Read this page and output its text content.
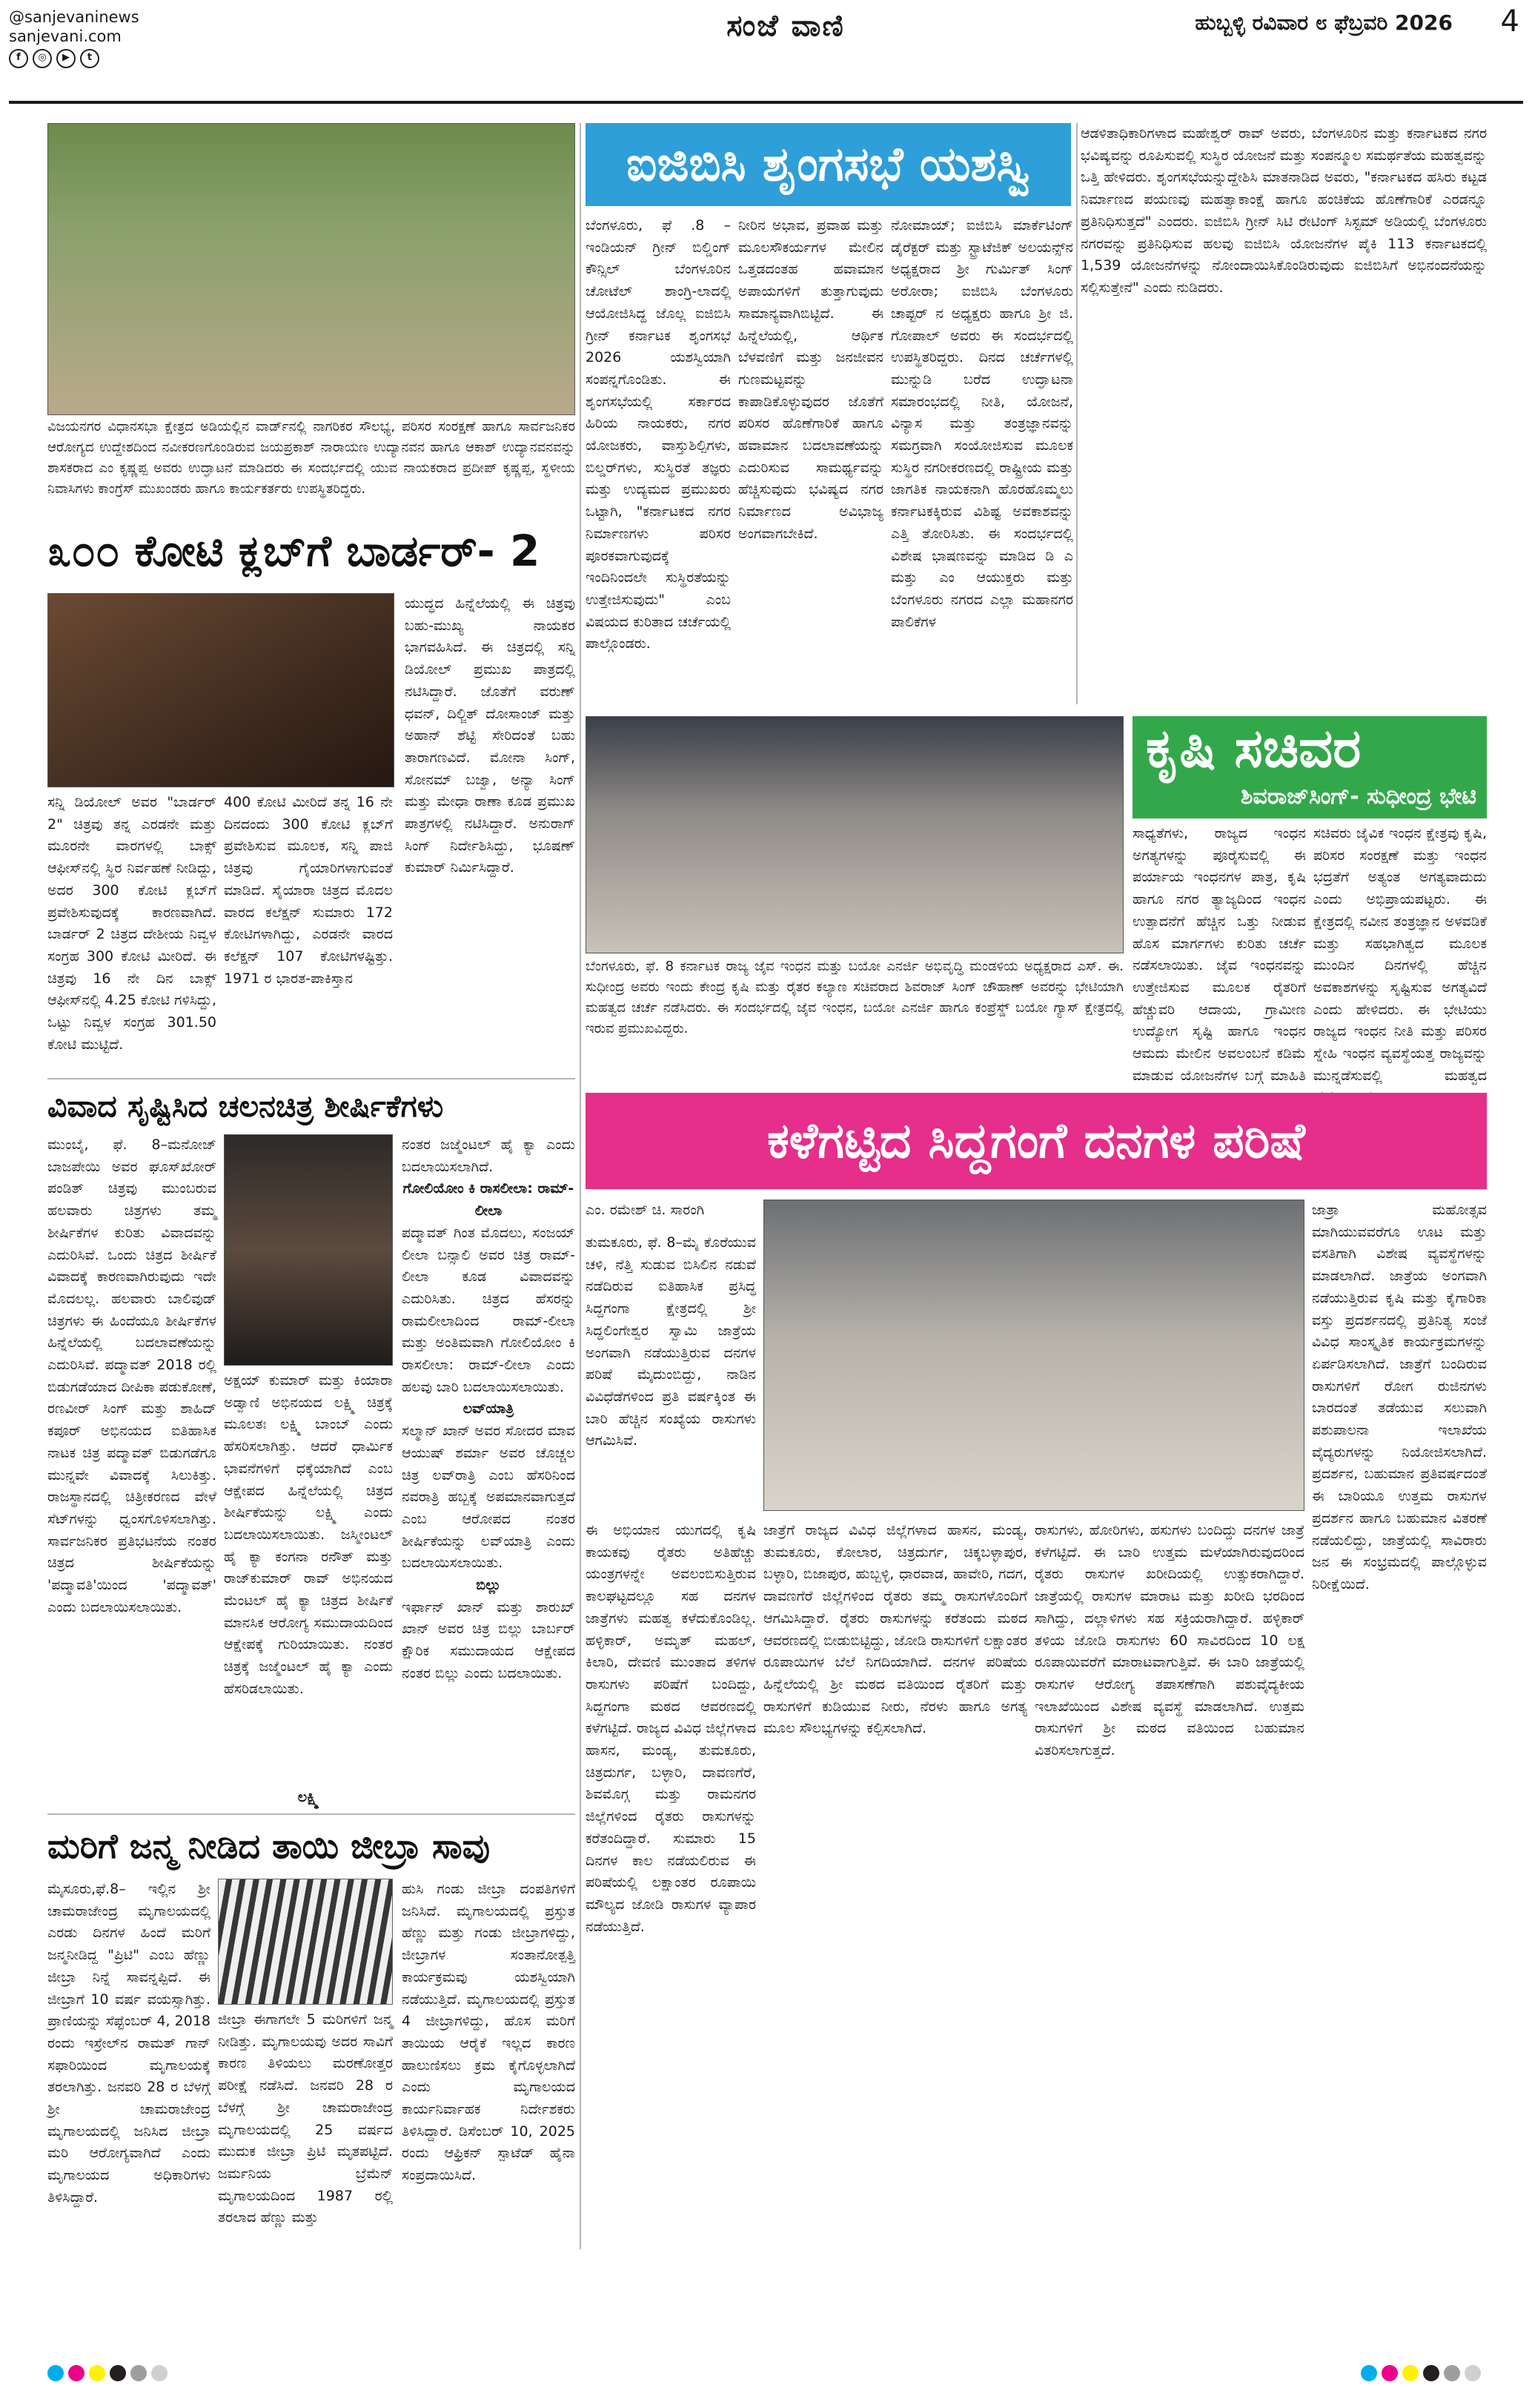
@sanjevaninews
sanjevani.com
f	◎	▶	t
ಸಂಜೆ ವಾಣಿ	ಹುಬ್ಬಳ್ಳಿ ರವಿವಾರ ೮ ಫೆಬ್ರವರಿ 2026	4
ವಿಜಯನಗರ ವಿಧಾನಸಭಾ ಕ್ಷೇತ್ರದ ಅಡಿಯಲ್ಲಿನ ವಾರ್ಡ್‌ನಲ್ಲಿ ನಾಗರಿಕರ ಸೌಲಭ್ಯ, ಪರಿಸರ ಸಂರಕ್ಷಣೆ ಹಾಗೂ ಸಾರ್ವಜನಿಕರ ಆರೋಗ್ಯದ ಉದ್ದೇಶದಿಂದ ನವೀಕರಣಗೊಂಡಿರುವ ಜಯಪ್ರಕಾಶ್ ನಾರಾಯಣ ಉದ್ಯಾನವನ ಹಾಗೂ ಆಕಾಶ್ ಉದ್ಯಾನವನವನ್ನು ಶಾಸಕರಾದ ಎಂ ಕೃಷ್ಣಪ್ಪ ಅವರು ಉದ್ಘಾಟನೆ ಮಾಡಿದರು ಈ ಸಂದರ್ಭದಲ್ಲಿ ಯುವ ನಾಯಕರಾದ ಪ್ರದೀಪ್ ಕೃಷ್ಣಪ್ಪ, ಸ್ಥಳೀಯ ನಿವಾಸಿಗಳು ಕಾಂಗ್ರೆಸ್ ಮುಖಂಡರು ಹಾಗೂ ಕಾರ್ಯಕರ್ತರು ಉಪಸ್ಥಿತರಿದ್ದರು.
ಐಜಿಬಿಸಿ ಶೃಂಗಸಭೆ ಯಶಸ್ವಿ
ಬೆಂಗಳೂರು, ಫೆ .8 – ಇಂಡಿಯನ್ ಗ್ರೀನ್ ಬಿಲ್ಡಿಂಗ್ ಕೌನ್ಸಿಲ್ ಬೆಂಗಳೂರಿನ ಚೋಟೆಲ್ ಶಾಂಗ್ರಿ-ಲಾದಲ್ಲಿ ಆಯೋಜಿಸಿದ್ದ ಜೊಲ್ಲ ಐಜಿಬಿಸಿ ಗ್ರೀನ್ ಕರ್ನಾಟಕ ಶೃಂಗಸಭೆ 2026 ಯಶಸ್ವಿಯಾಗಿ ಸಂಪನ್ನಗೊಂಡಿತು. ಈ ಶೃಂಗಸಭೆಯಲ್ಲಿ ಸರ್ಕಾರದ ಹಿರಿಯ ನಾಯಕರು, ನಗರ ಯೋಜಕರು, ವಾಸ್ತುಶಿಲ್ಪಿಗಳು, ಬಿಲ್ಡರ್‌ಗಳು, ಸುಸ್ಥಿರತೆ ತಜ್ಞರು ಮತ್ತು ಉದ್ಯಮದ ಪ್ರಮುಖರು ಒಟ್ಟಾಗಿ, "ಕರ್ನಾಟಕದ ನಗರ ನಿರ್ಮಾಣಗಳು ಪರಿಸರ ಪೂರಕವಾಗುವುದಕ್ಕೆ ಇಂದಿನಿಂದಲೇ ಸುಸ್ಥಿರತೆಯನ್ನು ಉತ್ತೇಜಿಸುವುದು" ಎಂಬ ವಿಷಯದ ಕುರಿತಾದ ಚರ್ಚೆಯಲ್ಲಿ ಪಾಲ್ಗೊಂಡರು.
ನೀರಿನ ಅಭಾವ, ಪ್ರವಾಹ ಮತ್ತು ಮೂಲಸೌಕರ್ಯಗಳ ಮೇಲಿನ ಒತ್ತಡದಂತಹ ಹವಾಮಾನ ಅಪಾಯಗಳಿಗೆ ತುತ್ತಾಗುವುದು ಸಾಮಾನ್ಯವಾಗಿಬಿಟ್ಟಿದೆ. ಈ ಹಿನ್ನೆಲೆಯಲ್ಲಿ, ಆರ್ಥಿಕ ಬೆಳವಣಿಗೆ ಮತ್ತು ಜನಜೀವನ ಗುಣಮಟ್ಟವನ್ನು ಕಾಪಾಡಿಕೊಳ್ಳುವುದರ ಜೊತೆಗೆ ಪರಿಸರ ಹೊಣೆಗಾರಿಕೆ ಹಾಗೂ ಹವಾಮಾನ ಬದಲಾವಣೆಯನ್ನು ಎದುರಿಸುವ ಸಾಮರ್ಥ್ಯವನ್ನು ಹೆಚ್ಚಿಸುವುದು ಭವಿಷ್ಯದ ನಗರ ನಿರ್ಮಾಣದ ಅವಿಭಾಜ್ಯ ಅಂಗವಾಗಬೇಕಿದೆ.
ನೋಮಾಯ್; ಐಜಿಬಿಸಿ ಮಾರ್ಕೆಟಿಂಗ್ ಡೈರೆಕ್ಟರ್ ಮತ್ತು ಸ್ಟ್ರಾಟೆಜಿಕ್ ಅಲಯನ್ಸ್‌ನ ಅಧ್ಯಕ್ಷರಾದ ಶ್ರೀ ಗುರ್ಮಿತ್ ಸಿಂಗ್ ಅರೋರಾ; ಐಜಿಬಿಸಿ ಬೆಂಗಳೂರು ಚಾಪ್ಟರ್ ನ ಅಧ್ಯಕ್ಷರು ಹಾಗೂ ಶ್ರೀ ಜಿ. ಗೋಪಾಲ್ ಅವರು ಈ ಸಂದರ್ಭದಲ್ಲಿ ಉಪಸ್ಥಿತರಿದ್ದರು. ದಿನದ ಚರ್ಚೆಗಳಲ್ಲಿ ಮುನ್ನುಡಿ ಬರೆದ ಉದ್ಘಾಟನಾ ಸಮಾರಂಭದಲ್ಲಿ ನೀತಿ, ಯೋಜನೆ, ವಿನ್ಯಾಸ ಮತ್ತು ತಂತ್ರಜ್ಞಾನವನ್ನು ಸಮಗ್ರವಾಗಿ ಸಂಯೋಜಿಸುವ ಮೂಲಕ ಸುಸ್ಥಿರ ನಗರೀಕರಣದಲ್ಲಿ ರಾಷ್ಟ್ರೀಯ ಮತ್ತು ಜಾಗತಿಕ ನಾಯಕನಾಗಿ ಹೊರಹೊಮ್ಮಲು ಕರ್ನಾಟಕಕ್ಕಿರುವ ವಿಶಿಷ್ಟ ಅವಕಾಶವನ್ನು ಎತ್ತಿ ತೋರಿಸಿತು. ಈ ಸಂದರ್ಭದಲ್ಲಿ ವಿಶೇಷ ಭಾಷಣವನ್ನು ಮಾಡಿದ ಡಿ ಎ ಮತ್ತು ಎಂ ಆಯುಕ್ತರು ಮತ್ತು ಬೆಂಗಳೂರು ನಗರದ ಎಲ್ಲಾ ಮಹಾನಗರ ಪಾಲಿಕೆಗಳ
ಆಡಳಿತಾಧಿಕಾರಿಗಳಾದ ಮಹೇಶ್ವರ್ ರಾವ್ ಅವರು, ಬೆಂಗಳೂರಿನ ಮತ್ತು ಕರ್ನಾಟಕದ ನಗರ ಭವಿಷ್ಯವನ್ನು ರೂಪಿಸುವಲ್ಲಿ ಸುಸ್ಥಿರ ಯೋಜನೆ ಮತ್ತು ಸಂಪನ್ಮೂಲ ಸಮರ್ಥತೆಯ ಮಹತ್ವವನ್ನು ಒತ್ತಿ ಹೇಳಿದರು. ಶೃಂಗಸಭೆಯನ್ನುದ್ದೇಶಿಸಿ ಮಾತನಾಡಿದ ಅವರು, "ಕರ್ನಾಟಕದ ಹಸಿರು ಕಟ್ಟಡ ನಿರ್ಮಾಣದ ಪಯಣವು ಮಹತ್ವಾಕಾಂಕ್ಷೆ ಹಾಗೂ ಹಂಚಿಕೆಯ ಹೊಣೆಗಾರಿಕೆ ಎರಡನ್ನೂ ಪ್ರತಿನಿಧಿಸುತ್ತದೆ" ಎಂದರು. ಐಜಿಬಿಸಿ ಗ್ರೀನ್ ಸಿಟಿ ರೇಟಿಂಗ್ ಸಿಸ್ಟಮ್ ಅಡಿಯಲ್ಲಿ ಬೆಂಗಳೂರು ನಗರವನ್ನು ಪ್ರತಿನಿಧಿಸುವ ಹಲವು ಐಜಿಬಿಸಿ ಯೋಜನೆಗಳ ಪೈಕಿ 113 ಕರ್ನಾಟಕದಲ್ಲಿ 1,539 ಯೋಜನೆಗಳನ್ನು ನೋಂದಾಯಿಸಿಕೊಂಡಿರುವುದು ಐಜಿಬಿಸಿಗೆ ಅಭಿನಂದನೆಯನ್ನು ಸಲ್ಲಿಸುತ್ತೇನೆ" ಎಂದು ನುಡಿದರು.
೩೦೦ ಕೋಟಿ ಕ್ಲಬ್‌ಗೆ ಬಾರ್ಡರ್- 2
ಸನ್ನಿ ಡಿಯೋಲ್ ಅವರ "ಬಾರ್ಡರ್ 2" ಚಿತ್ರವು ತನ್ನ ಎರಡನೇ ಮತ್ತು ಮೂರನೇ ವಾರಗಳಲ್ಲಿ ಬಾಕ್ಸ್ ಆಫೀಸ್‌ನಲ್ಲಿ ಸ್ಥಿರ ನಿರ್ವಹಣೆ ನೀಡಿದ್ದು, ಅದರ 300 ಕೋಟಿ ಕ್ಲಬ್‌ಗೆ ಪ್ರವೇಶಿಸುವುದಕ್ಕೆ ಕಾರಣವಾಗಿದೆ. ಬಾರ್ಡರ್ 2 ಚಿತ್ರದ ದೇಶೀಯ ನಿವ್ವಳ ಸಂಗ್ರಹ 300 ಕೋಟಿ ಮೀರಿದೆ. ಈ ಚಿತ್ರವು 16 ನೇ ದಿನ ಬಾಕ್ಸ್ ಆಫೀಸ್‌ನಲ್ಲಿ 4.25 ಕೋಟಿ ಗಳಿಸಿದ್ದು, ಒಟ್ಟು ನಿವ್ವಳ ಸಂಗ್ರಹ 301.50 ಕೋಟಿ ಮುಟ್ಟಿದೆ.
400 ಕೋಟಿ ಮೀರಿದೆ ತನ್ನ 16 ನೇ ದಿನದಂದು 300 ಕೋಟಿ ಕ್ಲಬ್‌ಗೆ ಪ್ರವೇಶಿಸುವ ಮೂಲಕ, ಸನ್ನಿ ಪಾಜಿ ಚಿತ್ರವು ಗೈಯಾರಿಗಳಾಗುವಂತೆ ಮಾಡಿದೆ. ಸೈಯಾರಾ ಚಿತ್ರದ ಮೊದಲ ವಾರದ ಕಲೆಕ್ಷನ್ ಸುಮಾರು 172 ಕೋಟಿಗಳಾಗಿದ್ದು, ಎರಡನೇ ವಾರದ ಕಲೆಕ್ಷನ್ 107 ಕೋಟಿಗಳಷ್ಟಿತ್ತು. 1971 ರ ಭಾರತ-ಪಾಕಿಸ್ತಾನ
ಯುದ್ಧದ ಹಿನ್ನೆಲೆಯಲ್ಲಿ ಈ ಚಿತ್ರವು ಬಹು-ಮುಖ್ಯ ನಾಯಕರ ಭಾಗವಹಿಸಿದೆ. ಈ ಚಿತ್ರದಲ್ಲಿ ಸನ್ನಿ ಡಿಯೋಲ್ ಪ್ರಮುಖ ಪಾತ್ರದಲ್ಲಿ ನಟಿಸಿದ್ದಾರೆ. ಜೊತೆಗೆ ವರುಣ್ ಧವನ್, ದಿಲ್ಜಿತ್ ದೋಸಾಂಜ್ ಮತ್ತು ಅಹಾನ್ ಶೆಟ್ಟಿ ಸೇರಿದಂತೆ ಬಹು ತಾರಾಗಣವಿದೆ. ಮೋನಾ ಸಿಂಗ್, ಸೋನಮ್ ಬಜ್ವಾ, ಅನ್ಯಾ ಸಿಂಗ್ ಮತ್ತು ಮೇಧಾ ರಾಣಾ ಕೂಡ ಪ್ರಮುಖ ಪಾತ್ರಗಳಲ್ಲಿ ನಟಿಸಿದ್ದಾರೆ. ಅನುರಾಗ್ ಸಿಂಗ್ ನಿರ್ದೇಶಿಸಿದ್ದು, ಭೂಷಣ್ ಕುಮಾರ್ ನಿರ್ಮಿಸಿದ್ದಾರೆ.
ವಿವಾದ ಸೃಷ್ಟಿಸಿದ ಚಲನಚಿತ್ರ ಶೀರ್ಷಿಕೆಗಳು
ಮುಂಬೈ, ಫೆ. 8–ಮನೋಜ್ ಬಾಜಪೇಯಿ ಅವರ ಘೂಸ್‌ಖೋರ್ ಪಂಡಿತ್ ಚಿತ್ರವು ಮುಂಬರುವ ಹಲವಾರು ಚಿತ್ರಗಳು ತಮ್ಮ ಶೀರ್ಷಿಕೆಗಳ ಕುರಿತು ವಿವಾದವನ್ನು ಎದುರಿಸಿವೆ. ಒಂದು ಚಿತ್ರದ ಶೀರ್ಷಿಕೆ ವಿವಾದಕ್ಕೆ ಕಾರಣವಾಗಿರುವುದು ಇದೇ ಮೊದಲಲ್ಲ. ಹಲವಾರು ಬಾಲಿವುಡ್ ಚಿತ್ರಗಳು ಈ ಹಿಂದೆಯೂ ಶೀರ್ಷಿಕೆಗಳ ಹಿನ್ನೆಲೆಯಲ್ಲಿ ಬದಲಾವಣೆಯನ್ನು ಎದುರಿಸಿವೆ. ಪದ್ಮಾವತ್ 2018 ರಲ್ಲಿ ಬಿಡುಗಡೆಯಾದ ದೀಪಿಕಾ ಪಡುಕೋಣೆ, ರಣವೀರ್ ಸಿಂಗ್ ಮತ್ತು ಶಾಹಿದ್ ಕಪೂರ್ ಅಭಿನಯದ ಐತಿಹಾಸಿಕ ನಾಟಕ ಚಿತ್ರ ಪದ್ಮಾವತ್ ಬಿಡುಗಡೆಗೂ ಮುನ್ನವೇ ವಿವಾದಕ್ಕೆ ಸಿಲುಕಿತ್ತು. ರಾಜಸ್ಥಾನದಲ್ಲಿ ಚಿತ್ರೀಕರಣದ ವೇಳೆ ಸೆಟ್‌ಗಳನ್ನು ಧ್ವಂಸಗೊಳಿಸಲಾಗಿತ್ತು. ಸಾರ್ವಜನಿಕರ ಪ್ರತಿಭಟನೆಯ ನಂತರ ಚಿತ್ರದ ಶೀರ್ಷಿಕೆಯನ್ನು 'ಪದ್ಮಾವತಿ'ಯಿಂದ 'ಪದ್ಮಾವತ್' ಎಂದು ಬದಲಾಯಿಸಲಾಯಿತು.
ಅಕ್ಷಯ್ ಕುಮಾರ್ ಮತ್ತು ಕಿಯಾರಾ ಅಡ್ವಾಣಿ ಅಭಿನಯದ ಲಕ್ಷ್ಮಿ ಚಿತ್ರಕ್ಕೆ ಮೂಲತಃ ಲಕ್ಷ್ಮಿ ಬಾಂಬ್ ಎಂದು ಹೆಸರಿಸಲಾಗಿತ್ತು. ಆದರೆ ಧಾರ್ಮಿಕ ಭಾವನೆಗಳಿಗೆ ಧಕ್ಕೆಯಾಗಿದೆ ಎಂಬ ಆಕ್ಷೇಪದ ಹಿನ್ನೆಲೆಯಲ್ಲಿ ಚಿತ್ರದ ಶೀರ್ಷಿಕೆಯನ್ನು ಲಕ್ಷ್ಮಿ ಎಂದು ಬದಲಾಯಿಸಲಾಯಿತು. ಜಸ್ಮೀಂಟಲ್ ಹೈ ಕ್ಯಾ ಕಂಗನಾ ರನೌತ್ ಮತ್ತು ರಾಜ್‌ಕುಮಾರ್ ರಾವ್ ಅಭಿನಯದ ಮೆಂಟಲ್ ಹೈ ಕ್ಯಾ ಚಿತ್ರದ ಶೀರ್ಷಿಕೆ ಮಾನಸಿಕ ಆರೋಗ್ಯ ಸಮುದಾಯದಿಂದ ಆಕ್ಷೇಪಕ್ಕೆ ಗುರಿಯಾಯಿತು. ನಂತರ ಚಿತ್ರಕ್ಕೆ ಜಜ್ಮೆಂಟಲ್ ಹೈ ಕ್ಯಾ ಎಂದು ಹೆಸರಿಡಲಾಯಿತು.
ಲಕ್ಷ್ಮಿ
ನಂತರ ಜಜ್ಮೆಂಟಲ್ ಹೈ ಕ್ಯಾ ಎಂದು ಬದಲಾಯಿಸಲಾಗಿದೆ.
ಗೋಲಿಯೋಂ ಕಿ ರಾಸಲೀಲಾ: ರಾಮ್-ಲೀಲಾ
ಪದ್ಮಾವತ್ ಗಿಂತ ಮೊದಲು, ಸಂಜಯ್ ಲೀಲಾ ಬನ್ಸಾಲಿ ಅವರ ಚಿತ್ರ ರಾಮ್-ಲೀಲಾ ಕೂಡ ವಿವಾದವನ್ನು ಎದುರಿಸಿತು. ಚಿತ್ರದ ಹೆಸರನ್ನು ರಾಮಲೀಲಾದಿಂದ ರಾಮ್-ಲೀಲಾ ಮತ್ತು ಅಂತಿಮವಾಗಿ ಗೋಲಿಯೋಂ ಕಿ ರಾಸಲೀಲಾ: ರಾಮ್-ಲೀಲಾ ಎಂದು ಹಲವು ಬಾರಿ ಬದಲಾಯಿಸಲಾಯಿತು.
ಲವ್‌ಯಾತ್ರಿ
ಸಲ್ಮಾನ್ ಖಾನ್ ಅವರ ಸೋದರ ಮಾವ ಆಯುಷ್ ಶರ್ಮಾ ಅವರ ಚೊಚ್ಚಲ ಚಿತ್ರ ಲವ್‌ರಾತ್ರಿ ಎಂಬ ಹೆಸರಿನಿಂದ ನವರಾತ್ರಿ ಹಬ್ಬಕ್ಕೆ ಅಪಮಾನವಾಗುತ್ತದೆ ಎಂಬ ಆರೋಪದ ನಂತರ ಶೀರ್ಷಿಕೆಯನ್ನು ಲವ್‌ಯಾತ್ರಿ ಎಂದು ಬದಲಾಯಿಸಲಾಯಿತು.
ಬಿಲ್ಲು
ಇರ್ಫಾನ್ ಖಾನ್ ಮತ್ತು ಶಾರುಖ್ ಖಾನ್ ಅವರ ಚಿತ್ರ ಬಿಲ್ಲು ಬಾರ್ಬರ್ ಕ್ಷೌರಿಕ ಸಮುದಾಯದ ಆಕ್ಷೇಪದ ನಂತರ ಬಿಲ್ಲು ಎಂದು ಬದಲಾಯಿತು.
ಮರಿಗೆ ಜನ್ಮ ನೀಡಿದ ತಾಯಿ ಜೀಬ್ರಾ ಸಾವು
ಮೈಸೂರು,ಫೆ.8– ಇಲ್ಲಿನ ಶ್ರೀ ಚಾಮರಾಜೇಂದ್ರ ಮೃಗಾಲಯದಲ್ಲಿ ಎರಡು ದಿನಗಳ ಹಿಂದೆ ಮರಿಗೆ ಜನ್ಮನೀಡಿದ್ದ "ಪ್ರಿಟಿ" ಎಂಬ ಹೆಣ್ಣು ಜೀಬ್ರಾ ನಿನ್ನೆ ಸಾವನ್ನಪ್ಪಿದೆ. ಈ ಜೀಬ್ರಾಗೆ 10 ವರ್ಷ ವಯಸ್ಸಾಗಿತ್ತು. ಪ್ರಾಣಿಯನ್ನು ಸೆಪ್ಟೆಂಬರ್ 4, 2018 ರಂದು ಇಸ್ರೇಲ್‌ನ ರಾಮತ್ ಗಾನ್ ಸಫಾರಿಯಿಂದ ಮೃಗಾಲಯಕ್ಕೆ ತರಲಾಗಿತ್ತು. ಜನವರಿ 28 ರ ಬೆಳಗ್ಗೆ ಶ್ರೀ ಚಾಮರಾಜೇಂದ್ರ ಮೃಗಾಲಯದಲ್ಲಿ ಜನಿಸಿದ ಜೀಬ್ರಾ ಮರಿ ಆರೋಗ್ಯವಾಗಿದೆ ಎಂದು ಮೃಗಾಲಯದ ಅಧಿಕಾರಿಗಳು ತಿಳಿಸಿದ್ದಾರೆ.
ಜೀಬ್ರಾ ಈಗಾಗಲೇ 5 ಮರಿಗಳಿಗೆ ಜನ್ಮ ನೀಡಿತ್ತು. ಮೃಗಾಲಯವು ಅದರ ಸಾವಿಗೆ ಕಾರಣ ತಿಳಿಯಲು ಮರಣೋತ್ತರ ಪರೀಕ್ಷೆ ನಡೆಸಿದೆ. ಜನವರಿ 28 ರ ಬೆಳಗ್ಗೆ ಶ್ರೀ ಚಾಮರಾಜೇಂದ್ರ ಮೃಗಾಲಯದಲ್ಲಿ 25 ವರ್ಷದ ಮುದುಕ ಜೀಬ್ರಾ ಪ್ರಿಟಿ ಮೃತಪಟ್ಟಿದೆ. ಜರ್ಮನಿಯ ಬ್ರೆಮೆನ್ ಮೃಗಾಲಯದಿಂದ 1987 ರಲ್ಲಿ ತರಲಾದ ಹೆಣ್ಣು ಮತ್ತು
ಹುಸಿ ಗಂಡು ಜೀಬ್ರಾ ದಂಪತಿಗಳಿಗೆ ಜನಿಸಿದೆ. ಮೃಗಾಲಯದಲ್ಲಿ ಪ್ರಸ್ತುತ ಹೆಣ್ಣು ಮತ್ತು ಗಂಡು ಜೀಬ್ರಾಗಳಿದ್ದು, ಜೀಬ್ರಾಗಳ ಸಂತಾನೋತ್ಪತ್ತಿ ಕಾರ್ಯಕ್ರಮವು ಯಶಸ್ವಿಯಾಗಿ ನಡೆಯುತ್ತಿದೆ. ಮೃಗಾಲಯದಲ್ಲಿ ಪ್ರಸ್ತುತ 4 ಜೀಬ್ರಾಗಳಿದ್ದು, ಹೊಸ ಮರಿಗೆ ತಾಯಿಯ ಆರೈಕೆ ಇಲ್ಲದ ಕಾರಣ ಹಾಲುಣಿಸಲು ಕ್ರಮ ಕೈಗೊಳ್ಳಲಾಗಿದೆ ಎಂದು ಮೃಗಾಲಯದ ಕಾರ್ಯನಿರ್ವಾಹಕ ನಿರ್ದೇಶಕರು ತಿಳಿಸಿದ್ದಾರೆ. ಡಿಸೆಂಬರ್ 10, 2025 ರಂದು ಆಫ್ರಿಕನ್ ಸ್ಪಾಟೆಡ್ ಹೈನಾ ಸಂಪ್ರದಾಯಿಸಿದೆ.
ಬೆಂಗಳೂರು, ಫೆ. 8 ಕರ್ನಾಟಕ ರಾಜ್ಯ ಜೈವ ಇಂಧನ ಮತ್ತು ಬಯೋ ಎನರ್ಜಿ ಅಭಿವೃದ್ಧಿ ಮಂಡಳಿಯ ಅಧ್ಯಕ್ಷರಾದ ಎಸ್. ಈ. ಸುಧೀಂದ್ರ ಅವರು ಇಂದು ಕೇಂದ್ರ ಕೃಷಿ ಮತ್ತು ರೈತರ ಕಲ್ಯಾಣ ಸಚಿವರಾದ ಶಿವರಾಜ್ ಸಿಂಗ್ ಚೌಹಾಣ್ ಅವರನ್ನು ಭೇಟಿಯಾಗಿ ಮಹತ್ವದ ಚರ್ಚೆ ನಡೆಸಿದರು. ಈ ಸಂದರ್ಭದಲ್ಲಿ ಜೈವ ಇಂಧನ, ಬಯೋ ಎನರ್ಜಿ ಹಾಗೂ ಕಂಪ್ರೆಸ್ಡ್ ಬಯೋ ಗ್ಯಾಸ್ ಕ್ಷೇತ್ರದಲ್ಲಿ ಇರುವ ಪ್ರಮುಖವಿದ್ದರು.
ಕೃಷಿ ಸಚಿವರ
ಶಿವರಾಜ್‌ಸಿಂಗ್- ಸುಧೀಂದ್ರ ಭೇಟಿ
ಸಾಧ್ಯತೆಗಳು, ರಾಜ್ಯದ ಇಂಧನ ಅಗತ್ಯಗಳನ್ನು ಪೂರೈಸುವಲ್ಲಿ ಈ ಪರ್ಯಾಯ ಇಂಧನಗಳ ಪಾತ್ರ, ಕೃಷಿ ಹಾಗೂ ನಗರ ತ್ಯಾಜ್ಯದಿಂದ ಇಂಧನ ಉತ್ಪಾದನೆಗೆ ಹೆಚ್ಚಿನ ಒತ್ತು ನೀಡುವ ಹೊಸ ಮಾರ್ಗಗಳು ಕುರಿತು ಚರ್ಚೆ ನಡೆಸಲಾಯಿತು. ಜೈವ ಇಂಧನವನ್ನು ಉತ್ತೇಜಿಸುವ ಮೂಲಕ ರೈತರಿಗೆ ಹೆಚ್ಚುವರಿ ಆದಾಯ, ಗ್ರಾಮೀಣ ಉದ್ಯೋಗ ಸೃಷ್ಟಿ ಹಾಗೂ ಇಂಧನ ಆಮದು ಮೇಲಿನ ಅವಲಂಬನೆ ಕಡಿಮೆ ಮಾಡುವ ಯೋಜನೆಗಳ ಬಗ್ಗೆ ಮಾಹಿತಿ
ಸಚಿವರು ಜೈವಿಕ ಇಂಧನ ಕ್ಷೇತ್ರವು ಕೃಷಿ, ಪರಿಸರ ಸಂರಕ್ಷಣೆ ಮತ್ತು ಇಂಧನ ಭದ್ರತೆಗೆ ಅತ್ಯಂತ ಅಗತ್ಯವಾದುದು ಎಂದು ಅಭಿಪ್ರಾಯಪಟ್ಟರು. ಈ ಕ್ಷೇತ್ರದಲ್ಲಿ ನವೀನ ತಂತ್ರಜ್ಞಾನ ಅಳವಡಿಕೆ ಮತ್ತು ಸಹಭಾಗಿತ್ವದ ಮೂಲಕ ಮುಂದಿನ ದಿನಗಳಲ್ಲಿ ಹೆಚ್ಚಿನ ಅವಕಾಶಗಳನ್ನು ಸೃಷ್ಟಿಸುವ ಅಗತ್ಯವಿದೆ ಎಂದು ಹೇಳಿದರು. ಈ ಭೇಟಿಯು ರಾಜ್ಯದ ಇಂಧನ ನೀತಿ ಮತ್ತು ಪರಿಸರ ಸ್ನೇಹಿ ಇಂಧನ ವ್ಯವಸ್ಥೆಯತ್ತ ರಾಜ್ಯವನ್ನು ಮುನ್ನಡೆಸುವಲ್ಲಿ ಮಹತ್ವದ
ಕಳೆಗಟ್ಟಿದ ಸಿದ್ದಗಂಗೆ ದನಗಳ ಪರಿಷೆ
ಎಂ. ರಮೇಶ್ ಚಿ. ಸಾರಂಗಿ
ತುಮಕೂರು, ಫೆ. 8–ಮೈ ಕೊರೆಯುವ ಚಳಿ, ನೆತ್ತಿ ಸುಡುವ ಬಿಸಿಲಿನ ನಡುವೆ ನಡೆದಿರುವ ಐತಿಹಾಸಿಕ ಪ್ರಸಿದ್ಧ ಸಿದ್ದಗಂಗಾ ಕ್ಷೇತ್ರದಲ್ಲಿ ಶ್ರೀ ಸಿದ್ದಲಿಂಗೇಶ್ವರ ಸ್ವಾಮಿ ಜಾತ್ರೆಯ ಅಂಗವಾಗಿ ನಡೆಯುತ್ತಿರುವ ದನಗಳ ಪರಿಷೆ ಮೈದುಂಬಿದ್ದು, ನಾಡಿನ ವಿವಿಧೆಡೆಗಳಿಂದ ಪ್ರತಿ ವರ್ಷಕ್ಕಿಂತ ಈ ಬಾರಿ ಹೆಚ್ಚಿನ ಸಂಖ್ಯೆಯ ರಾಸುಗಳು ಆಗಮಿಸಿವೆ.
ಜಾತ್ರಾ ಮಹೋತ್ಸವ ಮಾಗಿಯುವವರೆಗೂ ಊಟ ಮತ್ತು ವಸತಿಗಾಗಿ ವಿಶೇಷ ವ್ಯವಸ್ಥೆಗಳನ್ನು ಮಾಡಲಾಗಿದೆ. ಜಾತ್ರೆಯ ಅಂಗವಾಗಿ ನಡೆಯುತ್ತಿರುವ ಕೃಷಿ ಮತ್ತು ಕೈಗಾರಿಕಾ ವಸ್ತು ಪ್ರದರ್ಶನದಲ್ಲಿ ಪ್ರತಿನಿತ್ಯ ಸಂಜೆ ವಿವಿಧ ಸಾಂಸ್ಕೃತಿಕ ಕಾರ್ಯಕ್ರಮಗಳನ್ನು ಏರ್ಪಡಿಸಲಾಗಿದೆ. ಜಾತ್ರೆಗೆ ಬಂದಿರುವ ರಾಸುಗಳಿಗೆ ರೋಗ ರುಜಿನಗಳು ಬಾರದಂತೆ ತಡೆಯುವ ಸಲುವಾಗಿ ಪಶುಪಾಲನಾ ಇಲಾಖೆಯ ವೈದ್ಯರುಗಳನ್ನು ನಿಯೋಜಿಸಲಾಗಿದೆ. ಪ್ರದರ್ಶನ, ಬಹುಮಾನ ಪ್ರತಿವರ್ಷದಂತೆ ಈ ಬಾರಿಯೂ ಉತ್ತಮ ರಾಸುಗಳ ಪ್ರದರ್ಶನ ಹಾಗೂ ಬಹುಮಾನ ವಿತರಣೆ ನಡೆಯಲಿದ್ದು, ಜಾತ್ರೆಯಲ್ಲಿ ಸಾವಿರಾರು ಜನ ಈ ಸಂಭ್ರಮದಲ್ಲಿ ಪಾಲ್ಗೊಳ್ಳುವ ನಿರೀಕ್ಷೆಯಿದೆ.
ಈ ಅಭಿಯಾನ ಯುಗದಲ್ಲಿ ಕೃಷಿ ಕಾಯಕವು ರೈತರು ಅತಿಹೆಚ್ಚು ಯಂತ್ರಗಳನ್ನೇ ಅವಲಂಬಿಸುತ್ತಿರುವ ಕಾಲಘಟ್ಟದಲ್ಲೂ ಸಹ ದನಗಳ ಜಾತ್ರೆಗಳು ಮಹತ್ವ ಕಳೆದುಕೊಂಡಿಲ್ಲ. ಹಳ್ಳಿಕಾರ್, ಅಮೃತ್ ಮಹಲ್, ಕಿಲಾರಿ, ದೇವಣಿ ಮುಂತಾದ ತಳಿಗಳ ರಾಸುಗಳು ಪರಿಷೆಗೆ ಬಂದಿದ್ದು, ಸಿದ್ದಗಂಗಾ ಮಠದ ಆವರಣದಲ್ಲಿ ಕಳೆಗಟ್ಟಿದೆ. ರಾಜ್ಯದ ವಿವಿಧ ಜಿಲ್ಲೆಗಳಾದ ಹಾಸನ, ಮಂಡ್ಯ, ತುಮಕೂರು, ಚಿತ್ರದುರ್ಗ, ಬಳ್ಳಾರಿ, ದಾವಣಗೆರೆ, ಶಿವಮೊಗ್ಗ ಮತ್ತು ರಾಮನಗರ ಜಿಲ್ಲೆಗಳಿಂದ ರೈತರು ರಾಸುಗಳನ್ನು ಕರೆತಂದಿದ್ದಾರೆ. ಸುಮಾರು 15 ದಿನಗಳ ಕಾಲ ನಡೆಯಲಿರುವ ಈ ಪರಿಷೆಯಲ್ಲಿ ಲಕ್ಷಾಂತರ ರೂಪಾಯಿ ಮೌಲ್ಯದ ಜೋಡಿ ರಾಸುಗಳ ವ್ಯಾಪಾರ ನಡೆಯುತ್ತಿದೆ.
ಜಾತ್ರೆಗೆ ರಾಜ್ಯದ ವಿವಿಧ ಜಿಲ್ಲೆಗಳಾದ ಹಾಸನ, ಮಂಡ್ಯ, ತುಮಕೂರು, ಕೋಲಾರ, ಚಿತ್ರದುರ್ಗ, ಚಿಕ್ಕಬಳ್ಳಾಪುರ, ಬಳ್ಳಾರಿ, ಬಿಜಾಪುರ, ಹುಬ್ಬಳ್ಳಿ, ಧಾರವಾಡ, ಹಾವೇರಿ, ಗದಗ, ದಾವಣಗೆರೆ ಜಿಲ್ಲೆಗಳಿಂದ ರೈತರು ತಮ್ಮ ರಾಸುಗಳೊಂದಿಗೆ ಆಗಮಿಸಿದ್ದಾರೆ. ರೈತರು ರಾಸುಗಳನ್ನು ಕರೆತಂದು ಮಠದ ಆವರಣದಲ್ಲಿ ಬೀಡುಬಿಟ್ಟಿದ್ದು, ಜೋಡಿ ರಾಸುಗಳಿಗೆ ಲಕ್ಷಾಂತರ ರೂಪಾಯಿಗಳ ಬೆಲೆ ನಿಗದಿಯಾಗಿದೆ. ದನಗಳ ಪರಿಷೆಯ ಹಿನ್ನೆಲೆಯಲ್ಲಿ ಶ್ರೀ ಮಠದ ವತಿಯಿಂದ ರೈತರಿಗೆ ಮತ್ತು ರಾಸುಗಳಿಗೆ ಕುಡಿಯುವ ನೀರು, ನೆರಳು ಹಾಗೂ ಅಗತ್ಯ ಮೂಲ ಸೌಲಭ್ಯಗಳನ್ನು ಕಲ್ಪಿಸಲಾಗಿದೆ.
ರಾಸುಗಳು, ಹೋರಿಗಳು, ಹಸುಗಳು ಬಂದಿದ್ದು ದನಗಳ ಜಾತ್ರೆ ಕಳೆಗಟ್ಟಿದೆ. ಈ ಬಾರಿ ಉತ್ತಮ ಮಳೆಯಾಗಿರುವುದರಿಂದ ರೈತರು ರಾಸುಗಳ ಖರೀದಿಯಲ್ಲಿ ಉತ್ಸುಕರಾಗಿದ್ದಾರೆ. ಜಾತ್ರೆಯಲ್ಲಿ ರಾಸುಗಳ ಮಾರಾಟ ಮತ್ತು ಖರೀದಿ ಭರದಿಂದ ಸಾಗಿದ್ದು, ದಲ್ಲಾಳಿಗಳು ಸಹ ಸಕ್ರಿಯರಾಗಿದ್ದಾರೆ. ಹಳ್ಳಿಕಾರ್ ತಳಿಯ ಜೋಡಿ ರಾಸುಗಳು 60 ಸಾವಿರದಿಂದ 10 ಲಕ್ಷ ರೂಪಾಯಿವರೆಗೆ ಮಾರಾಟವಾಗುತ್ತಿವೆ. ಈ ಬಾರಿ ಜಾತ್ರೆಯಲ್ಲಿ ರಾಸುಗಳ ಆರೋಗ್ಯ ತಪಾಸಣೆಗಾಗಿ ಪಶುವೈದ್ಯಕೀಯ ಇಲಾಖೆಯಿಂದ ವಿಶೇಷ ವ್ಯವಸ್ಥೆ ಮಾಡಲಾಗಿದೆ. ಉತ್ತಮ ರಾಸುಗಳಿಗೆ ಶ್ರೀ ಮಠದ ವತಿಯಿಂದ ಬಹುಮಾನ ವಿತರಿಸಲಾಗುತ್ತದೆ.
